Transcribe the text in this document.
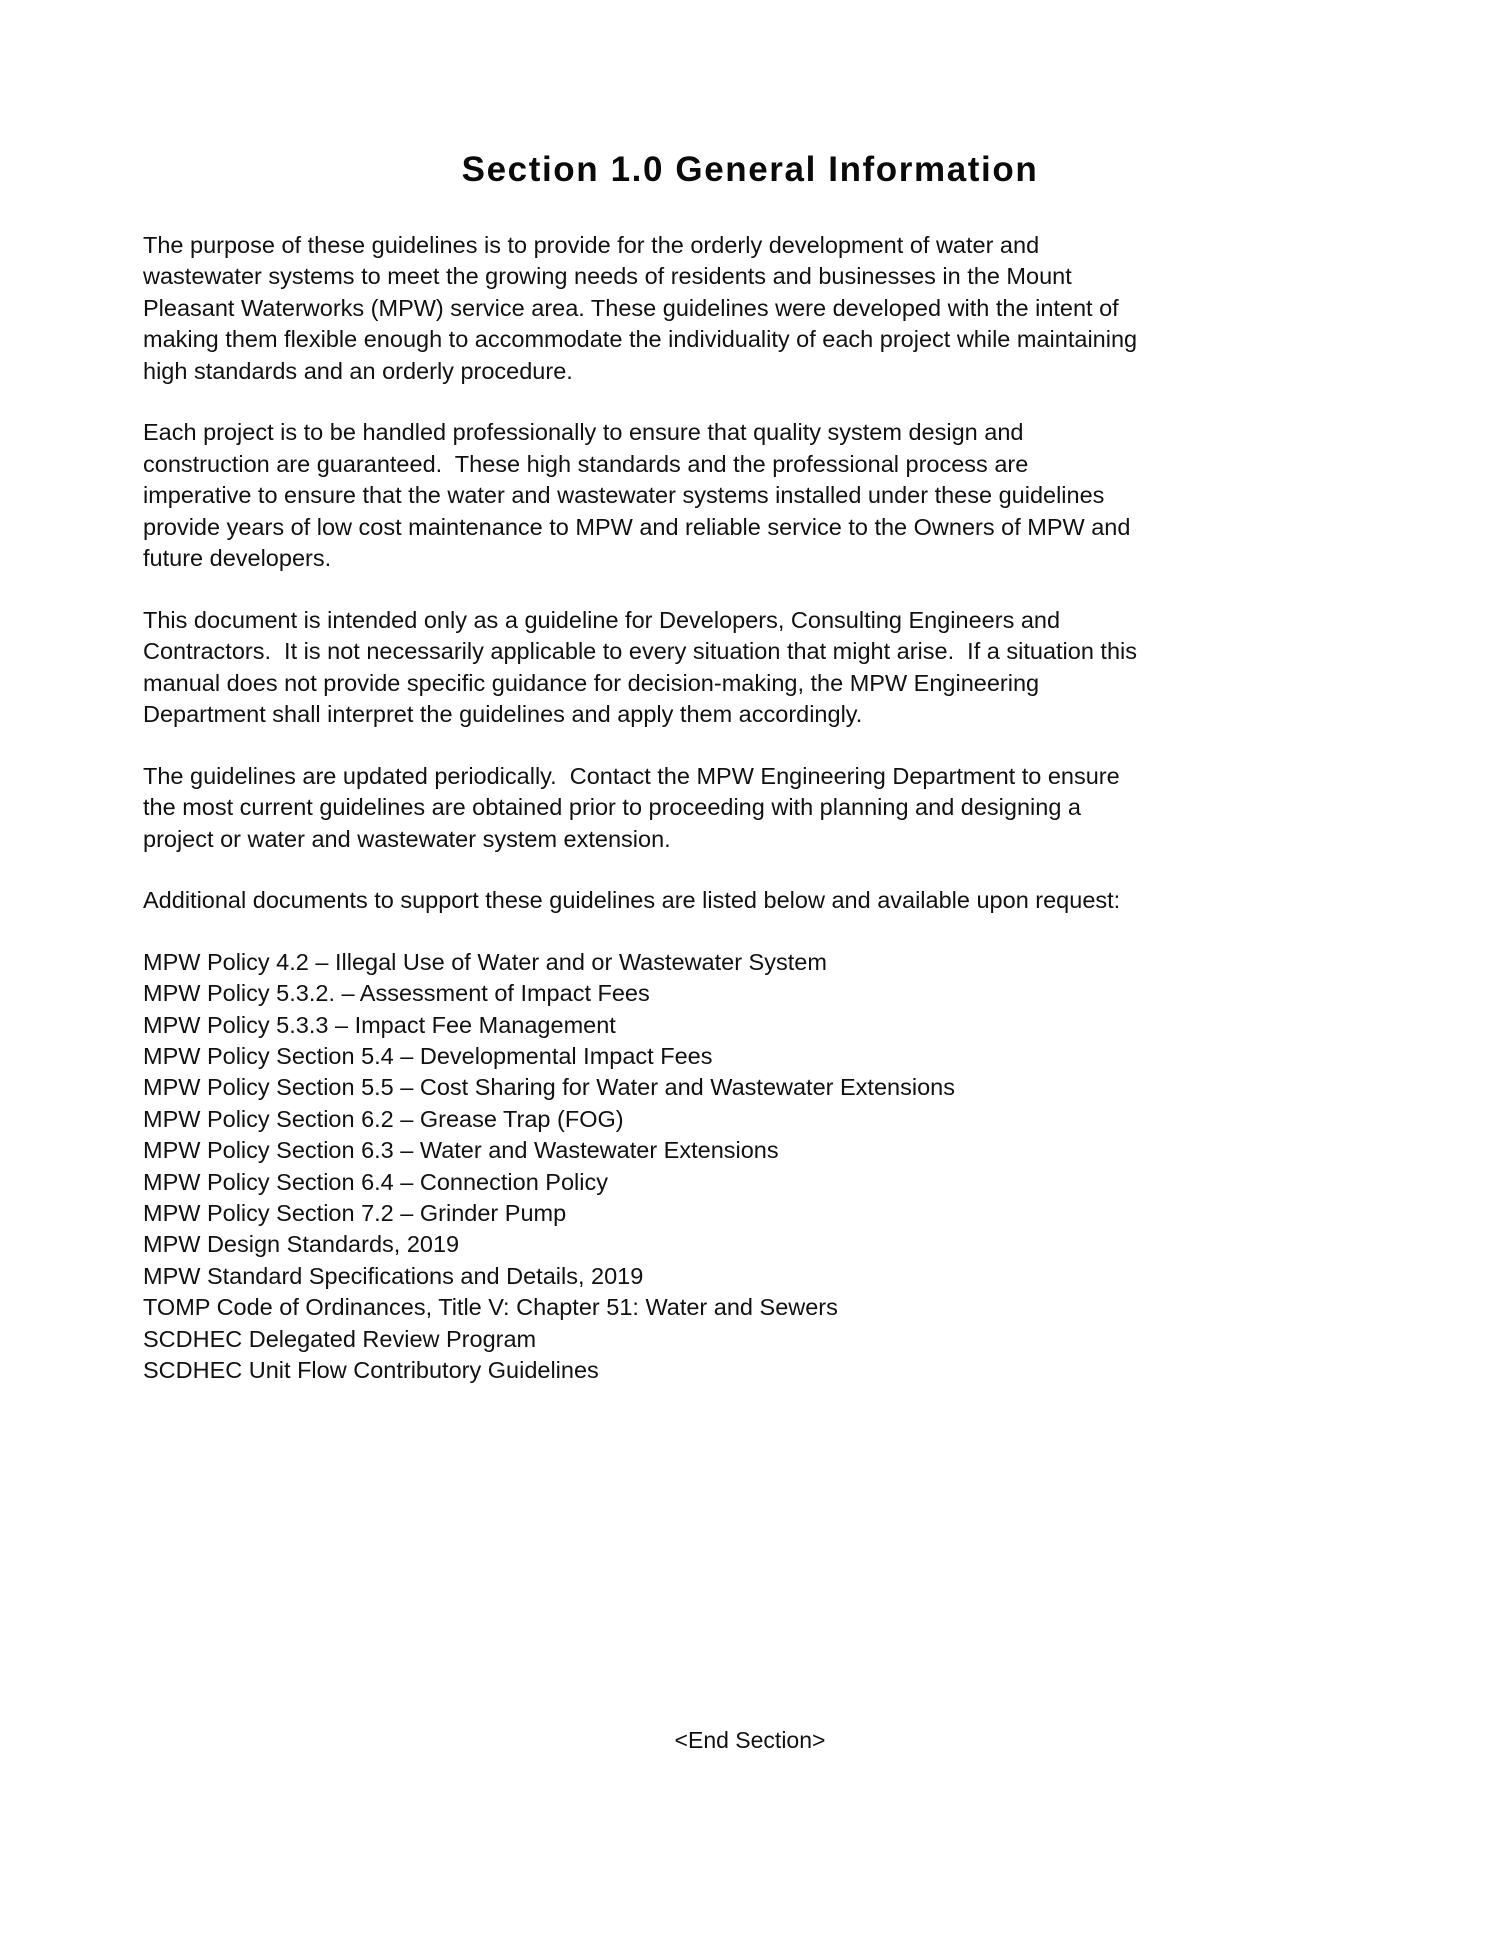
Section 1.0 General Information

The purpose of these guidelines is to provide for the orderly development of water and wastewater systems to meet the growing needs of residents and businesses in the Mount Pleasant Waterworks (MPW) service area. These guidelines were developed with the intent of making them flexible enough to accommodate the individuality of each project while maintaining high standards and an orderly procedure.

Each project is to be handled professionally to ensure that quality system design and construction are guaranteed.  These high standards and the professional process are imperative to ensure that the water and wastewater systems installed under these guidelines provide years of low cost maintenance to MPW and reliable service to the Owners of MPW and future developers.

This document is intended only as a guideline for Developers, Consulting Engineers and Contractors.  It is not necessarily applicable to every situation that might arise.  If a situation this manual does not provide specific guidance for decision-making, the MPW Engineering Department shall interpret the guidelines and apply them accordingly.

The guidelines are updated periodically.  Contact the MPW Engineering Department to ensure the most current guidelines are obtained prior to proceeding with planning and designing a project or water and wastewater system extension.

Additional documents to support these guidelines are listed below and available upon request:

MPW Policy 4.2 – Illegal Use of Water and or Wastewater System
MPW Policy 5.3.2. – Assessment of Impact Fees
MPW Policy 5.3.3 – Impact Fee Management
MPW Policy Section 5.4 – Developmental Impact Fees
MPW Policy Section 5.5 – Cost Sharing for Water and Wastewater Extensions
MPW Policy Section 6.2 – Grease Trap (FOG)
MPW Policy Section 6.3 – Water and Wastewater Extensions
MPW Policy Section 6.4 – Connection Policy
MPW Policy Section 7.2 – Grinder Pump
MPW Design Standards, 2019
MPW Standard Specifications and Details, 2019
TOMP Code of Ordinances, Title V: Chapter 51: Water and Sewers
SCDHEC Delegated Review Program
SCDHEC Unit Flow Contributory Guidelines
<End Section>
